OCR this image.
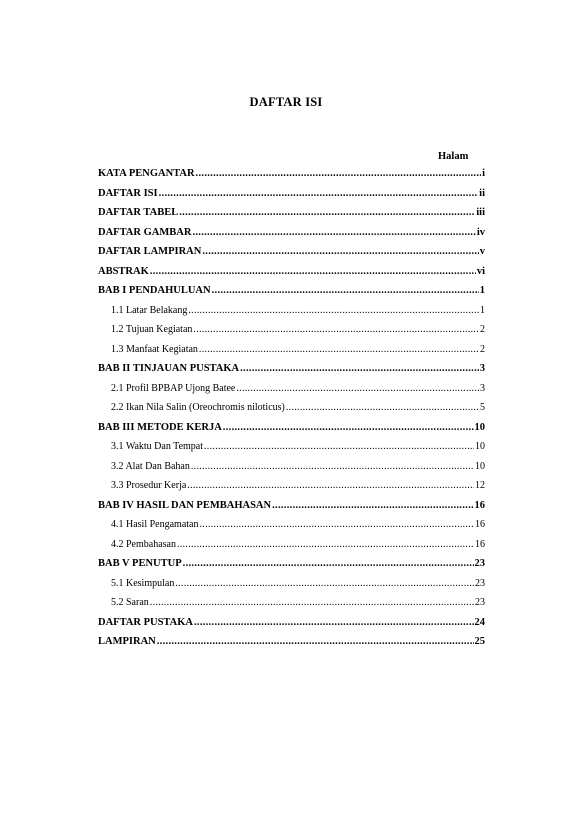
DAFTAR ISI
Halam
KATA PENGANTAR .....	i
DAFTAR ISI .....	ii
DAFTAR TABEL .....	iii
DAFTAR GAMBAR .....	iv
DAFTAR LAMPIRAN .....	v
ABSTRAK .....	vi
BAB I PENDAHULUAN .....	1
1.1 Latar Belakang .....	1
1.2 Tujuan Kegiatan .....	2
1.3 Manfaat Kegiatan .....	2
BAB II TINJAUAN PUSTAKA .....	3
2.1 Profil BPBAP Ujong Batee .....	3
2.2 Ikan Nila Salin (Oreochromis niloticus) .....	5
BAB III METODE KERJA .....	10
3.1 Waktu Dan Tempat .....	10
3.2 Alat Dan Bahan .....	10
3.3 Prosedur Kerja .....	12
BAB IV HASIL DAN PEMBAHASAN .....	16
4.1 Hasil Pengamatan .....	16
4.2 Pembahasan .....	16
BAB V PENUTUP .....	23
5.1 Kesimpulan .....	23
5.2 Saran .....	23
DAFTAR PUSTAKA .....	24
LAMPIRAN .....	25
